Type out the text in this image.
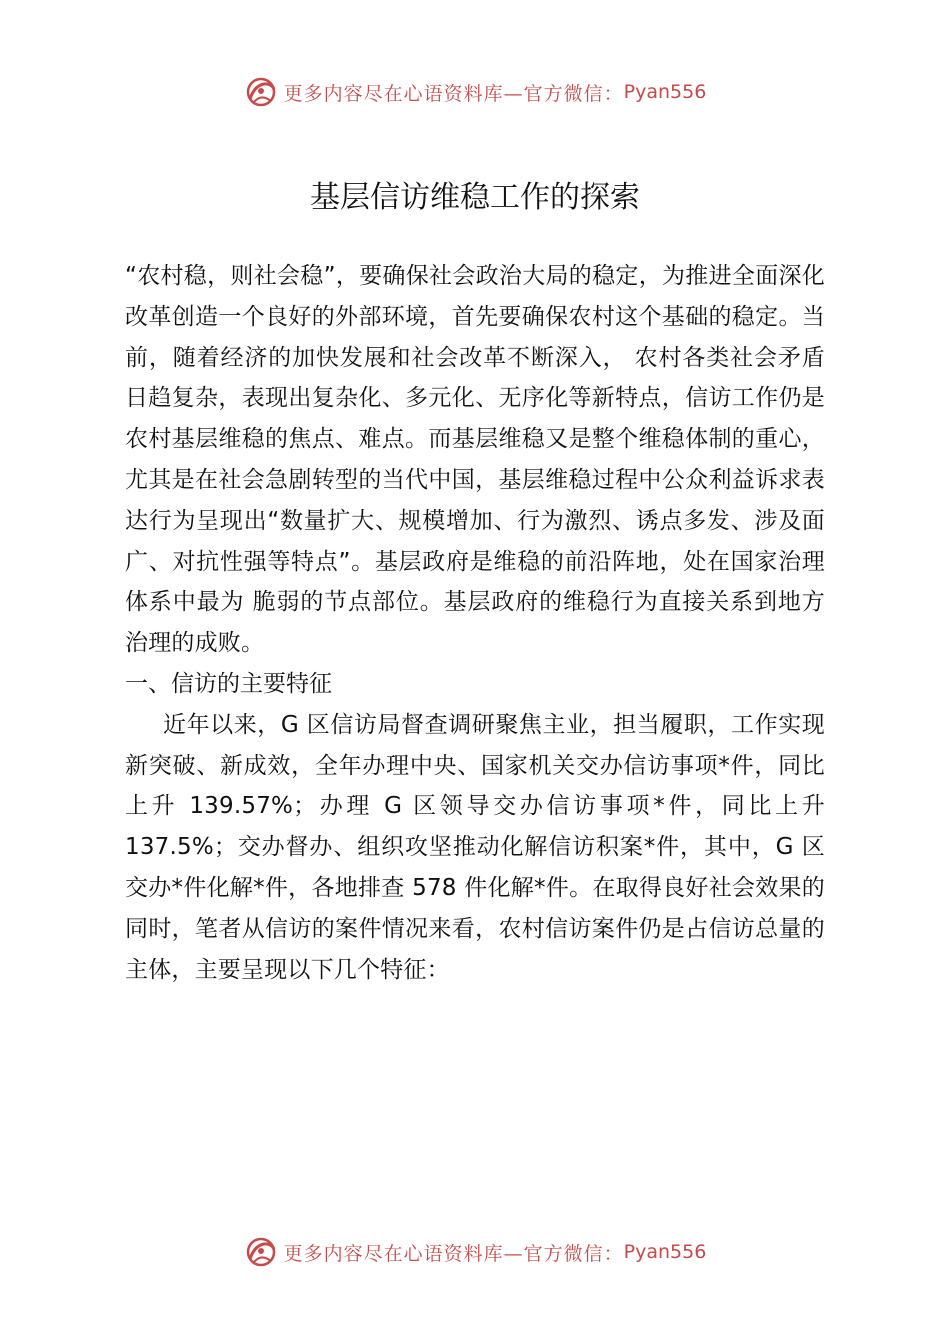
更多内容尽在心语资料库—官方微信： Pyan556
基层信访维稳工作的探索

“农村稳，则社会稳”，要确保社会政治大局的稳定，为推进全面深化改革创造一个良好的外部环境，首先要确保农村这个基础的稳定。当前，随着经济的加快发展和社会改革不断深入， 农村各类社会矛盾日趋复杂，表现出复杂化、多元化、无序化等新特点，信访工作仍是农村基层维稳的焦点、难点。而基层维稳又是整个维稳体制的重心，尤其是在社会急剧转型的当代中国，基层维稳过程中公众利益诉求表达行为呈现出“数量扩大、规模增加、行为激烈、诱点多发、涉及面广、对抗性强等特点”。基层政府是维稳的前沿阵地，处在国家治理体系中最为 脆弱的节点部位。基层政府的维稳行为直接关系到地方治理的成败。

一、信访的主要特征

近年以来，G 区信访局督查调研聚焦主业，担当履职，工作实现新突破、新成效，全年办理中央、国家机关交办信访事项*件，同比上升 139.57%；办理 G 区领导交办信访事项*件，同比上升 137.5%；交办督办、组织攻坚推动化解信访积案*件，其中，G 区交办*件化解*件，各地排查 578 件化解*件。在取得良好社会效果的同时，笔者从信访的案件情况来看，农村信访案件仍是占信访总量的主体，主要呈现以下几个特征：

更多内容尽在心语资料库—官方微信： Pyan556
